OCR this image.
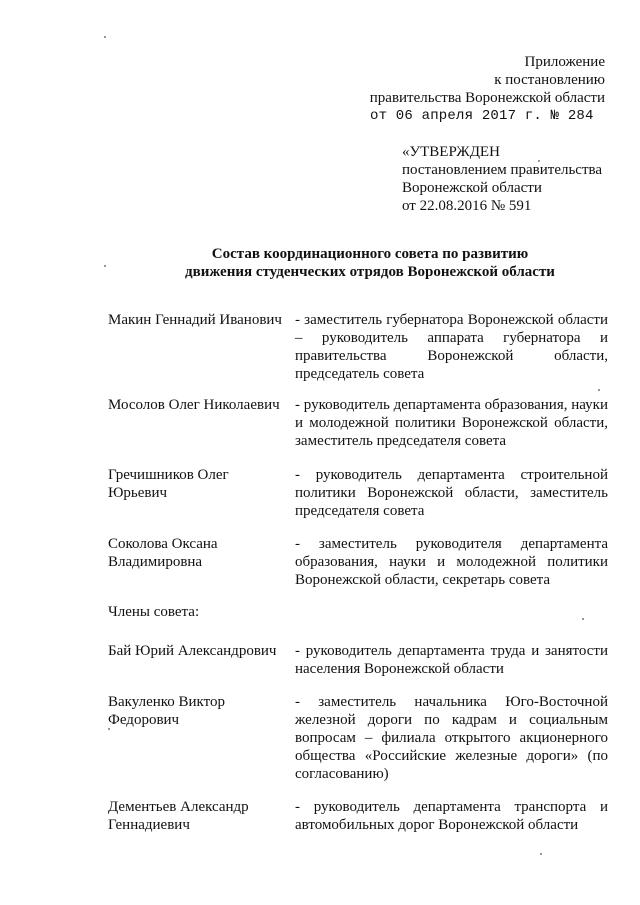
Приложение
к постановлению
правительства Воронежской области
от 06 апреля 2017 г. № 284
«УТВЕРЖДЕН
постановлением правительства
Воронежской области
от 22.08.2016 № 591
Состав координационного совета по развитию
движения студенческих отрядов Воронежской области
Макин Геннадий Иванович - заместитель губернатора Воронежской области – руководитель аппарата губернатора и правительства Воронежской области, председатель совета
Мосолов Олег Николаевич - руководитель департамента образования, науки и молодежной политики Воронежской области, заместитель председателя совета
Гречишников Олег Юрьевич
- руководитель департамента строительной политики Воронежской области, заместитель председателя совета
Соколова Оксана Владимировна
- заместитель руководителя департамента образования, науки и молодежной политики Воронежской области, секретарь совета
Члены совета:
Бай Юрий Александрович	- руководитель департамента труда и занятости населения Воронежской области
Вакуленко Виктор Федорович
- заместитель начальника Юго-Восточной железной дороги по кадрам и социальным вопросам – филиала открытого акционерного общества «Российские железные дороги» (по согласованию)
Дементьев Александр Геннадиевич
- руководитель департамента транспорта и автомобильных дорог Воронежской области
